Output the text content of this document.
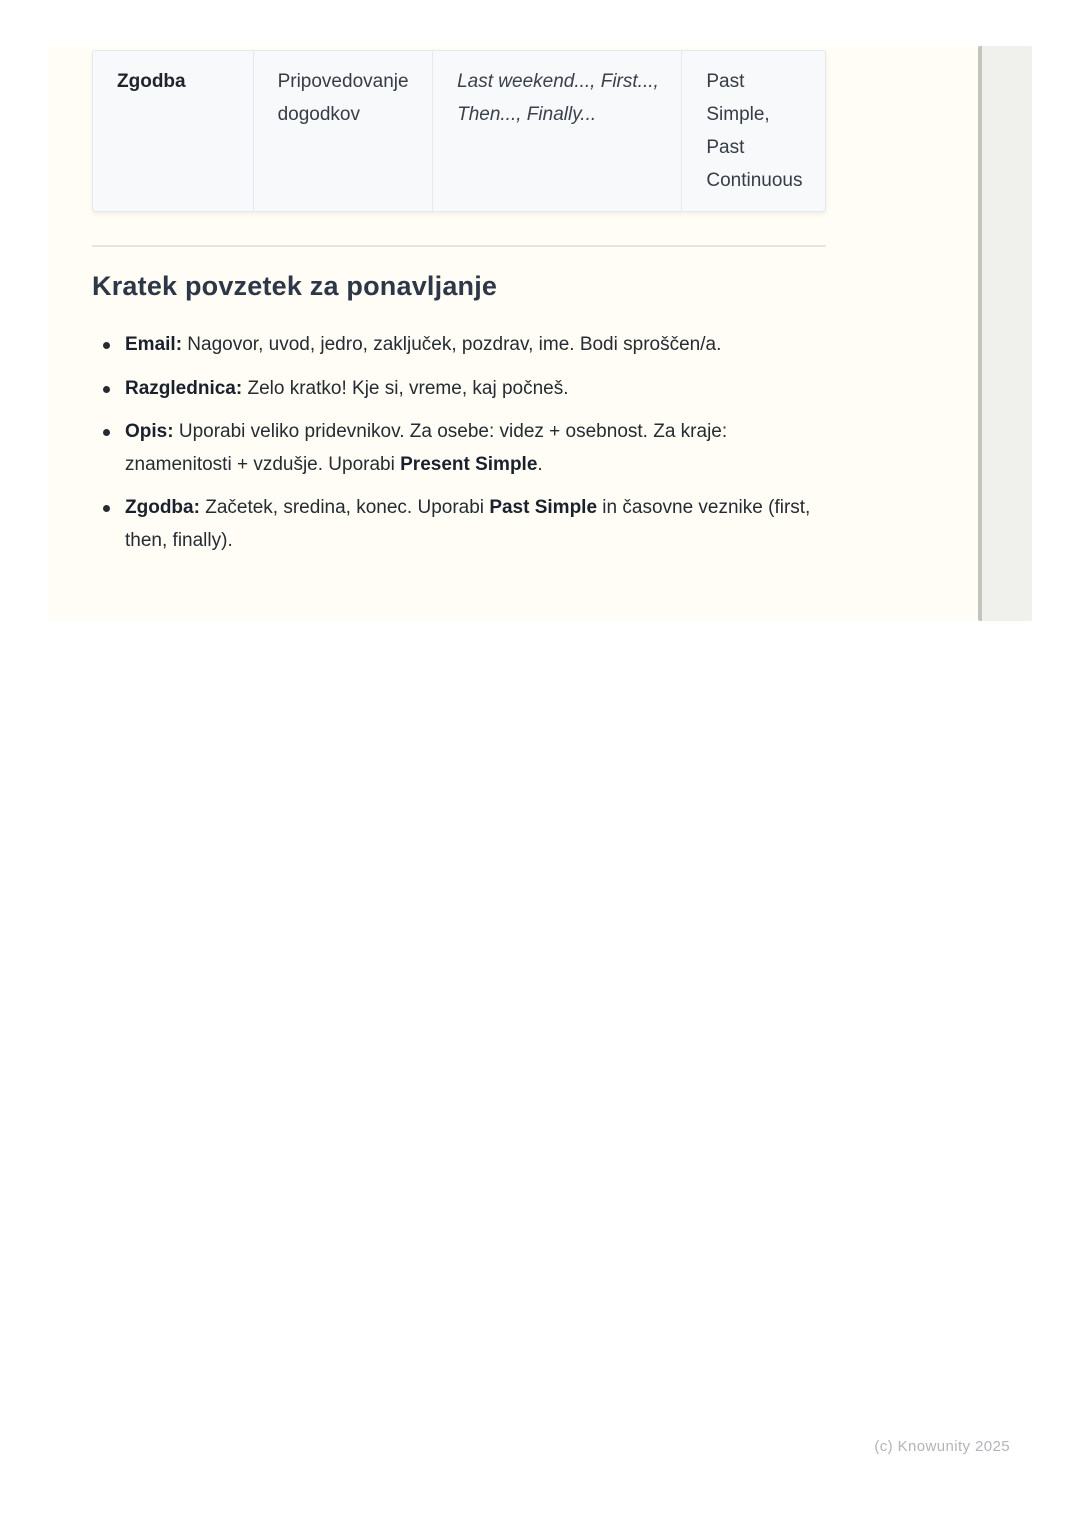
Zgodba	Pripovedovanje dogodkov
Last weekend..., First..., Then..., Finally...
Past Simple, Past Continuous
Kratek povzetek za ponavljanje
Email: Nagovor, uvod, jedro, zaključek, pozdrav, ime. Bodi sproščen/a.
Razglednica: Zelo kratko! Kje si, vreme, kaj počneš.
Opis: Uporabi veliko pridevnikov. Za osebe: videz + osebnost. Za kraje: znamenitosti + vzdušje. Uporabi Present Simple.
Zgodba: Začetek, sredina, konec. Uporabi Past Simple in časovne veznike (first, then, finally).
(c) Knowunity 2025
